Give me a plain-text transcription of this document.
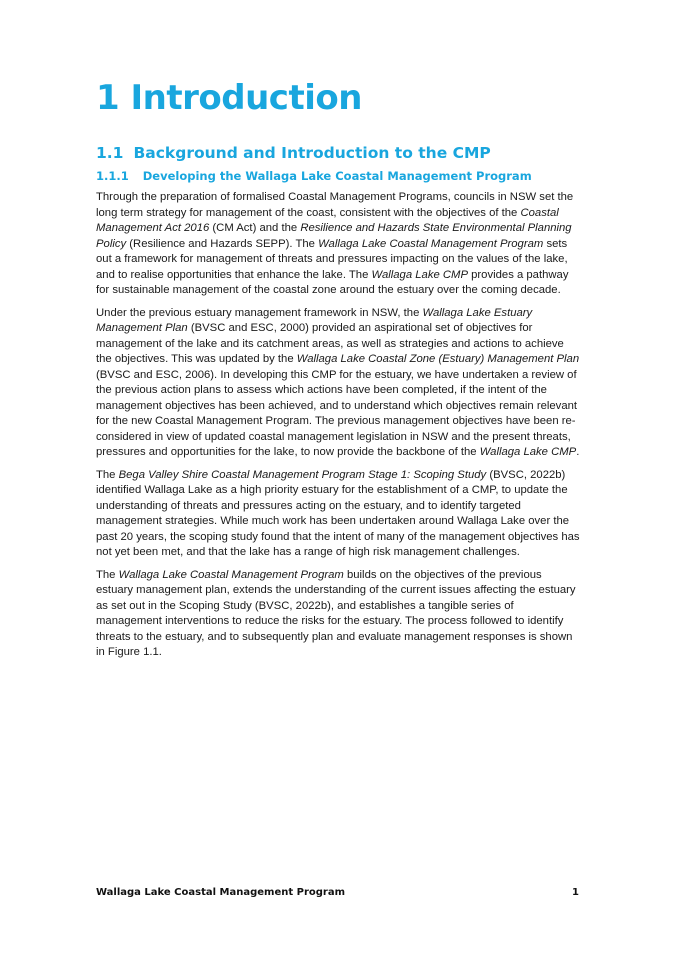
1 Introduction
1.1 Background and Introduction to the CMP
1.1.1 Developing the Wallaga Lake Coastal Management Program

Through the preparation of formalised Coastal Management Programs, councils in NSW set the long term strategy for management of the coast, consistent with the objectives of the Coastal Management Act 2016 (CM Act) and the Resilience and Hazards State Environmental Planning Policy (Resilience and Hazards SEPP). The Wallaga Lake Coastal Management Program sets out a framework for management of threats and pressures impacting on the values of the lake, and to realise opportunities that enhance the lake. The Wallaga Lake CMP provides a pathway for sustainable management of the coastal zone around the estuary over the coming decade.

Under the previous estuary management framework in NSW, the Wallaga Lake Estuary Management Plan (BVSC and ESC, 2000) provided an aspirational set of objectives for management of the lake and its catchment areas, as well as strategies and actions to achieve the objectives. This was updated by the Wallaga Lake Coastal Zone (Estuary) Management Plan (BVSC and ESC, 2006). In developing this CMP for the estuary, we have undertaken a review of the previous action plans to assess which actions have been completed, if the intent of the management objectives has been achieved, and to understand which objectives remain relevant for the new Coastal Management Program. The previous management objectives have been re-considered in view of updated coastal management legislation in NSW and the present threats, pressures and opportunities for the lake, to now provide the backbone of the Wallaga Lake CMP.

The Bega Valley Shire Coastal Management Program Stage 1: Scoping Study (BVSC, 2022b) identified Wallaga Lake as a high priority estuary for the establishment of a CMP, to update the understanding of threats and pressures acting on the estuary, and to identify targeted management strategies. While much work has been undertaken around Wallaga Lake over the past 20 years, the scoping study found that the intent of many of the management objectives has not yet been met, and that the lake has a range of high risk management challenges.

The Wallaga Lake Coastal Management Program builds on the objectives of the previous estuary management plan, extends the understanding of the current issues affecting the estuary as set out in the Scoping Study (BVSC, 2022b), and establishes a tangible series of management interventions to reduce the risks for the estuary. The process followed to identify threats to the estuary, and to subsequently plan and evaluate management responses is shown in Figure 1.1.

Wallaga Lake Coastal Management Program	1
